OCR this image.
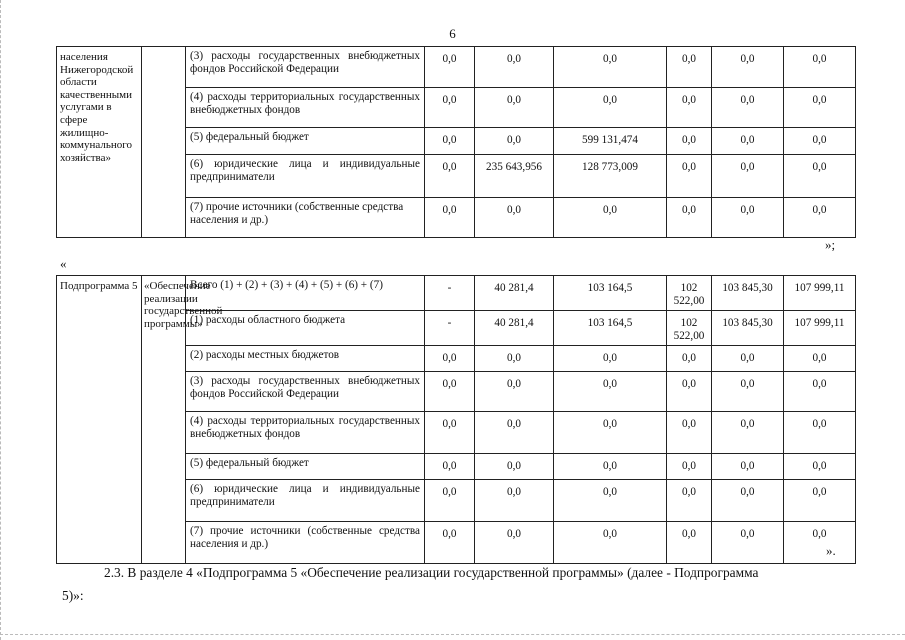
6
населения Нижегородской области качественными услугами в сфере жилищно-коммунального хозяйства»		(3) расходы государственных внебюджетных фондов Российской Федерации	0,0	0,0	0,0	0,0	0,0	0,0
		(4) расходы территориальных государственных внебюджетных фондов	0,0	0,0	0,0	0,0	0,0	0,0
		(5) федеральный бюджет	0,0	0,0	599 131,474	0,0	0,0	0,0
		(6) юридические лица и индивидуальные предприниматели	0,0	235 643,956	128 773,009	0,0	0,0	0,0
		(7) прочие источники (собственные средства населения и др.)	0,0	0,0	0,0	0,0	0,0	0,0
»;
«
Подпрограмма 5	«Обеспечение реализации государственной программы»	Всего (1) + (2) + (3) + (4) + (5) + (6) + (7)	-	40 281,4	103 164,5	102 522,00	103 845,30	107 999,11
		(1) расходы областного бюджета	-	40 281,4	103 164,5	102 522,00	103 845,30	107 999,11
		(2) расходы местных бюджетов	0,0	0,0	0,0	0,0	0,0	0,0
		(3) расходы государственных внебюджетных фондов Российской Федерации	0,0	0,0	0,0	0,0	0,0	0,0
		(4) расходы территориальных государственных внебюджетных фондов	0,0	0,0	0,0	0,0	0,0	0,0
		(5) федеральный бюджет	0,0	0,0	0,0	0,0	0,0	0,0
		(6) юридические лица и индивидуальные предприниматели	0,0	0,0	0,0	0,0	0,0	0,0
		(7) прочие источники (собственные средства населения и др.)	0,0	0,0	0,0	0,0	0,0	0,0
».
2.3. В разделе 4 «Подпрограмма 5 «Обеспечение реализации государственной программы» (далее - Подпрограмма
5)»:
